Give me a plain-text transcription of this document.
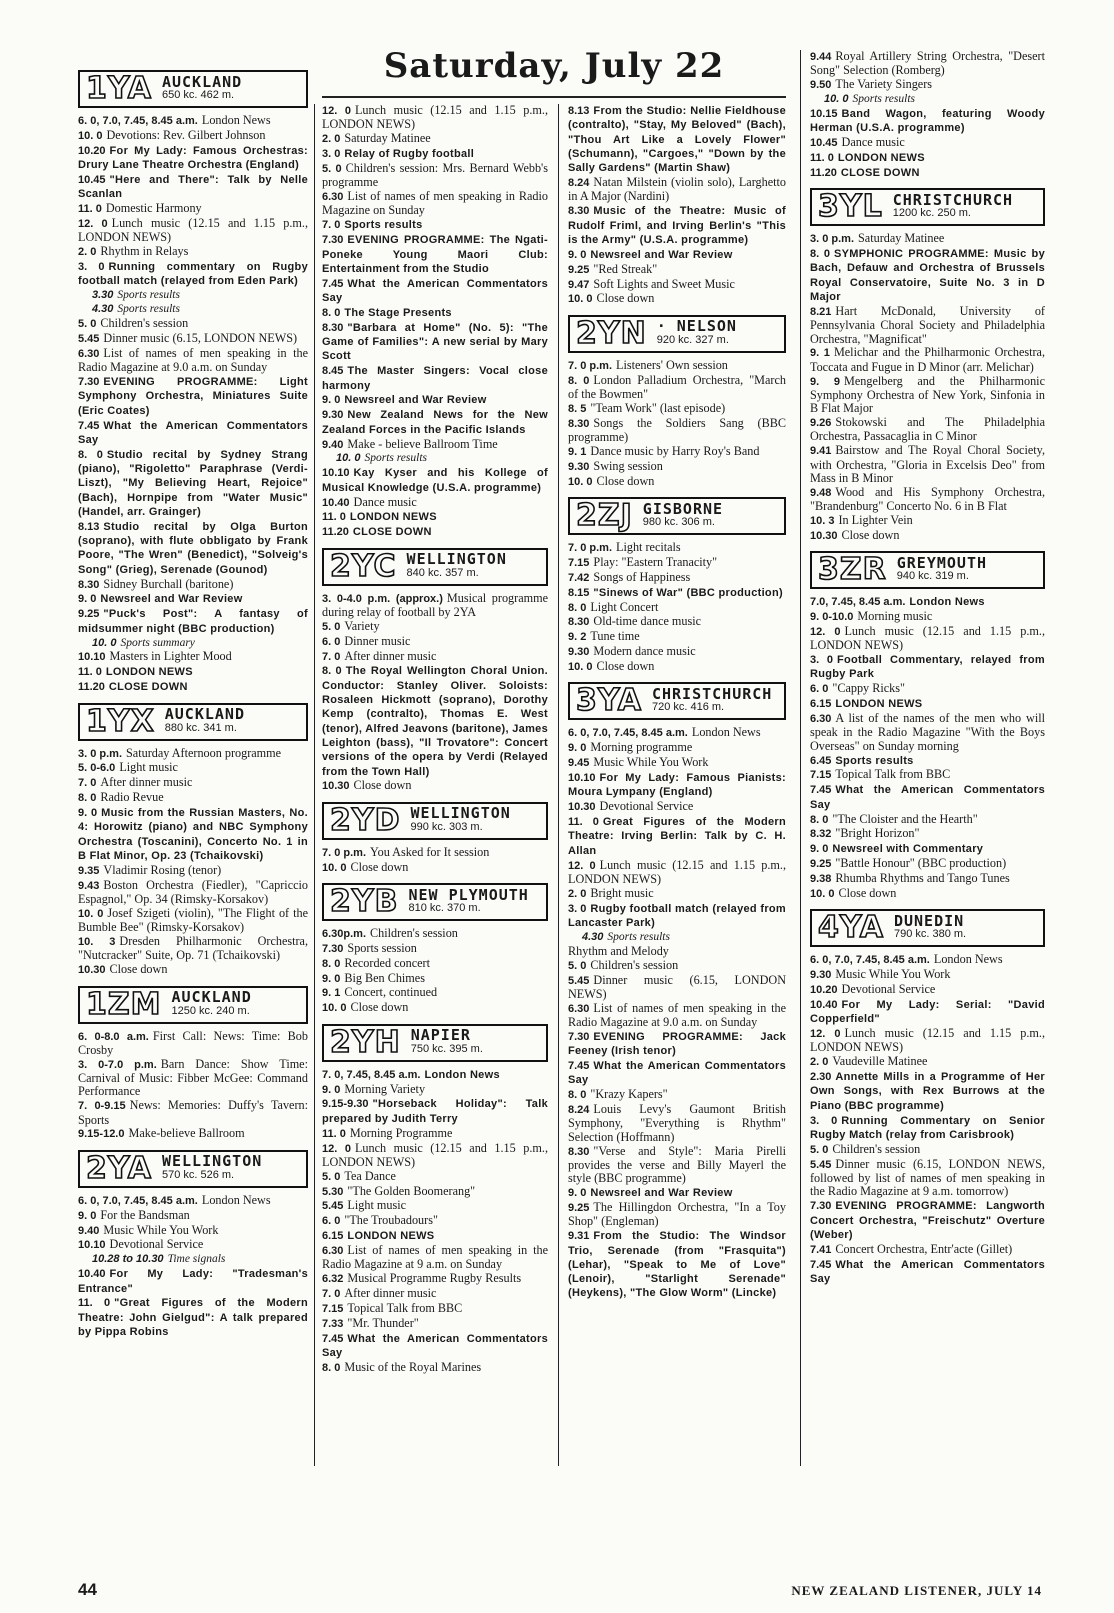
Saturday, July 22
1YA AUCKLAND
650 kc. 462 m.
6. 0, 7.0, 7.45, 8.45 a.m. London News
10. 0 Devotions: Rev. Gilbert Johnson
10.20 For My Lady: Famous Orchestras: Drury Lane Theatre Orchestra (England)
10.45 "Here and There": Talk by Nelle Scanlan
11. 0 Domestic Harmony
12. 0 Lunch music (12.15 and 1.15 p.m., LONDON NEWS)
2. 0 Rhythm in Relays
3. 0 Running commentary on Rugby football match (relayed from Eden Park)
3.30 Sports results
4.30 Sports results
5. 0 Children's session
5.45 Dinner music (6.15, LONDON NEWS)
6.30 List of names of men speaking in the Radio Magazine at 9.0 a.m. on Sunday
7.30 EVENING PROGRAMME: Light Symphony Orchestra, Miniatures Suite (Eric Coates)
7.45 What the American Commentators Say
8. 0 Studio recital by Sydney Strang (piano), "Rigoletto" Paraphrase (Verdi-Liszt), "My Believing Heart, Rejoice" (Bach), Hornpipe from "Water Music" (Handel, arr. Grainger)
8.13 Studio recital by Olga Burton (soprano), with flute obbligato by Frank Poore, "The Wren" (Benedict), "Solveig's Song" (Grieg), Serenade (Gounod)
8.30 Sidney Burchall (baritone)
9. 0 Newsreel and War Review
9.25 "Puck's Post": A fantasy of midsummer night (BBC production)
10. 0 Sports summary
10.10 Masters in Lighter Mood
11. 0 LONDON NEWS
11.20 CLOSE DOWN
1YX AUCKLAND
880 kc. 341 m.
3. 0 p.m. Saturday Afternoon programme
5. 0-6.0 Light music
7. 0 After dinner music
8. 0 Radio Revue
9. 0 Music from the Russian Masters, No. 4: Horowitz (piano) and NBC Symphony Orchestra (Toscanini), Concerto No. 1 in B Flat Minor, Op. 23 (Tchaikovski)
9.35 Vladimir Rosing (tenor)
9.43 Boston Orchestra (Fiedler), "Capriccio Espagnol," Op. 34 (Rimsky-Korsakov)
10. 0 Josef Szigeti (violin), "The Flight of the Bumble Bee" (Rimsky-Korsakov)
10. 3 Dresden Philharmonic Orchestra, "Nutcracker" Suite, Op. 71 (Tchaikovski)
10.30 Close down
1ZM AUCKLAND
1250 kc. 240 m.
6. 0-8.0 a.m. First Call: News: Time: Bob Crosby
3. 0-7.0 p.m. Barn Dance: Show Time: Carnival of Music: Fibber McGee: Command Performance
7. 0-9.15 News: Memories: Duffy's Tavern: Sports
9.15-12.0 Make-believe Ballroom
2YA WELLINGTON
570 kc. 526 m.
6. 0, 7.0, 7.45, 8.45 a.m. London News
9. 0 For the Bandsman
9.40 Music While You Work
10.10 Devotional Service
10.28 to 10.30 Time signals
10.40 For My Lady: "Tradesman's Entrance"
11. 0 "Great Figures of the Modern Theatre: John Gielgud": A talk prepared by Pippa Robins
12. 0 Lunch music (12.15 and 1.15 p.m., LONDON NEWS)
2. 0 Saturday Matinee
3. 0 Relay of Rugby football
5. 0 Children's session: Mrs. Bernard Webb's programme
6.30 List of names of men speaking in Radio Magazine on Sunday
7. 0 Sports results
7.30 EVENING PROGRAMME: The Ngati-Poneke Young Maori Club: Entertainment from the Studio
7.45 What the American Commentators Say
8. 0 The Stage Presents
8.30 "Barbara at Home" (No. 5): "The Game of Families": A new serial by Mary Scott
8.45 The Master Singers: Vocal close harmony
9. 0 Newsreel and War Review
9.30 New Zealand News for the New Zealand Forces in the Pacific Islands
9.40 Make - believe Ballroom Time
10. 0 Sports results
10.10 Kay Kyser and his Kollege of Musical Knowledge (U.S.A. programme)
10.40 Dance music
11. 0 LONDON NEWS
11.20 CLOSE DOWN
2YC WELLINGTON
840 kc. 357 m.
3. 0-4.0 p.m. (approx.) Musical programme during relay of football by 2YA
5. 0 Variety
6. 0 Dinner music
7. 0 After dinner music
8. 0 The Royal Wellington Choral Union. Conductor: Stanley Oliver. Soloists: Rosaleen Hickmott (soprano), Dorothy Kemp (contralto), Thomas E. West (tenor), Alfred Jeavons (baritone), James Leighton (bass), "Il Trovatore": Concert versions of the opera by Verdi (Relayed from the Town Hall)
10.30 Close down
2YD WELLINGTON
990 kc. 303 m.
7. 0 p.m. You Asked for It session
10. 0 Close down
2YB NEW PLYMOUTH
810 kc. 370 m.
6.30p.m. Children's session
7.30 Sports session
8. 0 Recorded concert
9. 0 Big Ben Chimes
9. 1 Concert, continued
10. 0 Close down
2YH NAPIER
750 kc. 395 m.
7. 0, 7.45, 8.45 a.m. London News
9. 0 Morning Variety
9.15-9.30 "Horseback Holiday": Talk prepared by Judith Terry
11. 0 Morning Programme
12. 0 Lunch music (12.15 and 1.15 p.m., LONDON NEWS)
5. 0 Tea Dance
5.30 "The Golden Boomerang"
5.45 Light music
6. 0 "The Troubadours"
6.15 LONDON NEWS
6.30 List of names of men speaking in the Radio Magazine at 9 a.m. on Sunday
6.32 Musical Programme Rugby Results
7. 0 After dinner music
7.15 Topical Talk from BBC
7.33 "Mr. Thunder"
7.45 What the American Commentators Say
8. 0 Music of the Royal Marines
8.13 From the Studio: Nellie Fieldhouse (contralto), "Stay, My Beloved" (Bach), "Thou Art Like a Lovely Flower" (Schumann), "Cargoes," "Down by the Sally Gardens" (Martin Shaw)
8.24 Natan Milstein (violin solo), Larghetto in A Major (Nardini)
8.30 Music of the Theatre: Music of Rudolf Friml, and Irving Berlin's "This is the Army" (U.S.A. programme)
9. 0 Newsreel and War Review
9.25 "Red Streak"
9.47 Soft Lights and Sweet Music
10. 0 Close down
2YN · NELSON
920 kc. 327 m.
7. 0 p.m. Listeners' Own session
8. 0 London Palladium Orchestra, "March of the Bowmen"
8. 5 "Team Work" (last episode)
8.30 Songs the Soldiers Sang (BBC programme)
9. 1 Dance music by Harry Roy's Band
9.30 Swing session
10. 0 Close down
2ZJ GISBORNE
980 kc. 306 m.
7. 0 p.m. Light recitals
7.15 Play: "Eastern Tranacity"
7.42 Songs of Happiness
8.15 "Sinews of War" (BBC production)
8. 0 Light Concert
8.30 Old-time dance music
9. 2 Tune time
9.30 Modern dance music
10. 0 Close down
3YA CHRISTCHURCH
720 kc. 416 m.
6. 0, 7.0, 7.45, 8.45 a.m. London News
9. 0 Morning programme
9.45 Music While You Work
10.10 For My Lady: Famous Pianists: Moura Lympany (England)
10.30 Devotional Service
11. 0 Great Figures of the Modern Theatre: Irving Berlin: Talk by C. H. Allan
12. 0 Lunch music (12.15 and 1.15 p.m., LONDON NEWS)
2. 0 Bright music
3. 0 Rugby football match (relayed from Lancaster Park)
4.30 Sports results
Rhythm and Melody
5. 0 Children's session
5.45 Dinner music (6.15, LONDON NEWS)
6.30 List of names of men speaking in the Radio Magazine at 9.0 a.m. on Sunday
7.30 EVENING PROGRAMME: Jack Feeney (Irish tenor)
7.45 What the American Commentators Say
8. 0 "Krazy Kapers"
8.24 Louis Levy's Gaumont British Symphony, "Everything is Rhythm" Selection (Hoffmann)
8.30 "Verse and Style": Maria Pirelli provides the verse and Billy Mayerl the style (BBC programme)
9. 0 Newsreel and War Review
9.25 The Hillingdon Orchestra, "In a Toy Shop" (Engleman)
9.31 From the Studio: The Windsor Trio, Serenade (from "Frasquita") (Lehar), "Speak to Me of Love" (Lenoir), "Starlight Serenade" (Heykens), "The Glow Worm" (Lincke)
9.44 Royal Artillery String Orchestra, "Desert Song" Selection (Romberg)
9.50 The Variety Singers
10. 0 Sports results
10.15 Band Wagon, featuring Woody Herman (U.S.A. programme)
10.45 Dance music
11. 0 LONDON NEWS
11.20 CLOSE DOWN
3YL CHRISTCHURCH
1200 kc. 250 m.
3. 0 p.m. Saturday Matinee
8. 0 SYMPHONIC PROGRAMME: Music by Bach, Defauw and Orchestra of Brussels Royal Conservatoire, Suite No. 3 in D Major
8.21 Hart McDonald, University of Pennsylvania Choral Society and Philadelphia Orchestra, "Magnificat"
9. 1 Melichar and the Philharmonic Orchestra, Toccata and Fugue in D Minor (arr. Melichar)
9. 9 Mengelberg and the Philharmonic Symphony Orchestra of New York, Sinfonia in B Flat Major
9.26 Stokowski and The Philadelphia Orchestra, Passacaglia in C Minor
9.41 Bairstow and The Royal Choral Society, with Orchestra, "Gloria in Excelsis Deo" from Mass in B Minor
9.48 Wood and His Symphony Orchestra, "Brandenburg" Concerto No. 6 in B Flat
10. 3 In Lighter Vein
10.30 Close down
3ZR GREYMOUTH
940 kc. 319 m.
7.0, 7.45, 8.45 a.m. London News
9. 0-10.0 Morning music
12. 0 Lunch music (12.15 and 1.15 p.m., LONDON NEWS)
3. 0 Football Commentary, relayed from Rugby Park
6. 0 "Cappy Ricks"
6.15 LONDON NEWS
6.30 A list of the names of the men who will speak in the Radio Magazine "With the Boys Overseas" on Sunday morning
6.45 Sports results
7.15 Topical Talk from BBC
7.45 What the American Commentators Say
8. 0 "The Cloister and the Hearth"
8.32 "Bright Horizon"
9. 0 Newsreel with Commentary
9.25 "Battle Honour" (BBC production)
9.38 Rhumba Rhythms and Tango Tunes
10. 0 Close down
4YA DUNEDIN
790 kc. 380 m.
6. 0, 7.0, 7.45, 8.45 a.m. London News
9.30 Music While You Work
10.20 Devotional Service
10.40 For My Lady: Serial: "David Copperfield"
12. 0 Lunch music (12.15 and 1.15 p.m., LONDON NEWS)
2. 0 Vaudeville Matinee
2.30 Annette Mills in a Programme of Her Own Songs, with Rex Burrows at the Piano (BBC programme)
3. 0 Running Commentary on Senior Rugby Match (relay from Carisbrook)
5. 0 Children's session
5.45 Dinner music (6.15, LONDON NEWS, followed by list of names of men speaking in the Radio Magazine at 9 a.m. tomorrow)
7.30 EVENING PROGRAMME: Langworth Concert Orchestra, "Freischutz" Overture (Weber)
7.41 Concert Orchestra, Entr'acte (Gillet)
7.45 What the American Commentators Say
44	NEW ZEALAND LISTENER, JULY 14
